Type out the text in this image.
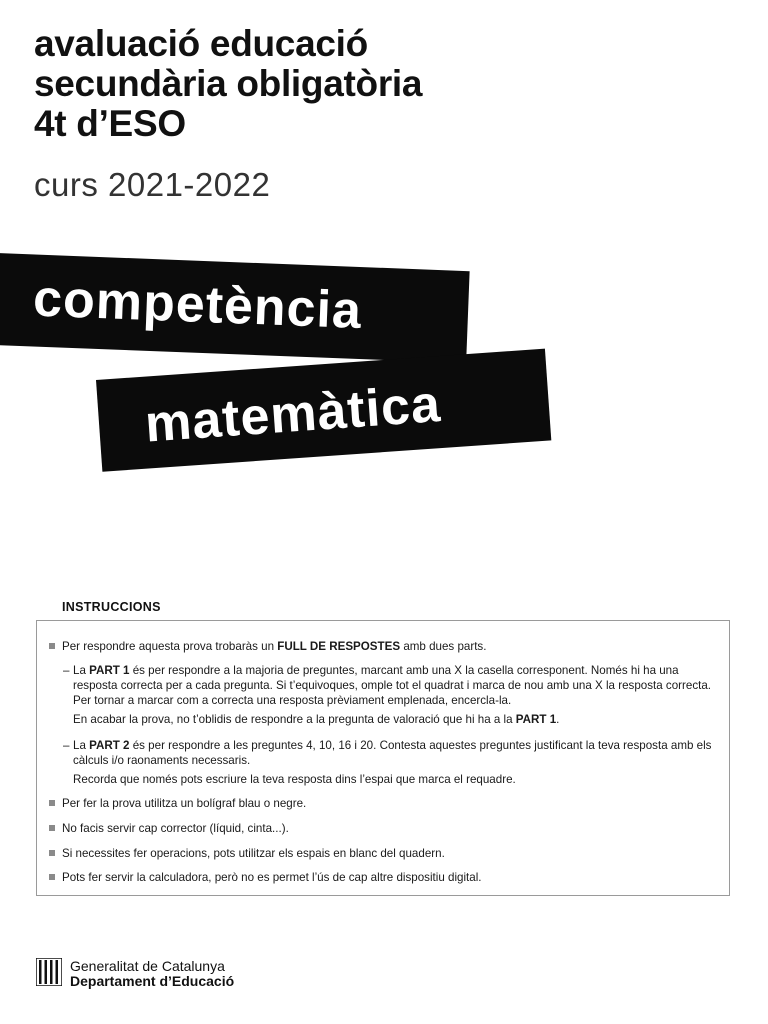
avaluació educació
secundària obligatòria
4t d’ESO
curs 2021-2022
competència
matemàtica
INSTRUCCIONS
Per respondre aquesta prova trobaràs un FULL DE RESPOSTES amb dues parts.
– La PART 1 és per respondre a la majoria de preguntes, marcant amb una X la casella corresponent. Només hi ha una resposta correcta per a cada pregunta. Si t’equivoques, omple tot el quadrat i marca de nou amb una X la resposta correcta. Per tornar a marcar com a correcta una resposta prèviament emplenada, encercla-la.
En acabar la prova, no t’oblidis de respondre a la pregunta de valoració que hi ha a la PART 1.
– La PART 2 és per respondre a les preguntes 4, 10, 16 i 20. Contesta aquestes preguntes justificant la teva resposta amb els càlculs i/o raonaments necessaris.
Recorda que només pots escriure la teva resposta dins l’espai que marca el requadre.
Per fer la prova utilitza un bolígraf blau o negre.
No facis servir cap corrector (líquid, cinta...).
Si necessites fer operacions, pots utilitzar els espais en blanc del quadern.
Pots fer servir la calculadora, però no es permet l’ús de cap altre dispositiu digital.
Generalitat de Catalunya
Departament d’Educació
